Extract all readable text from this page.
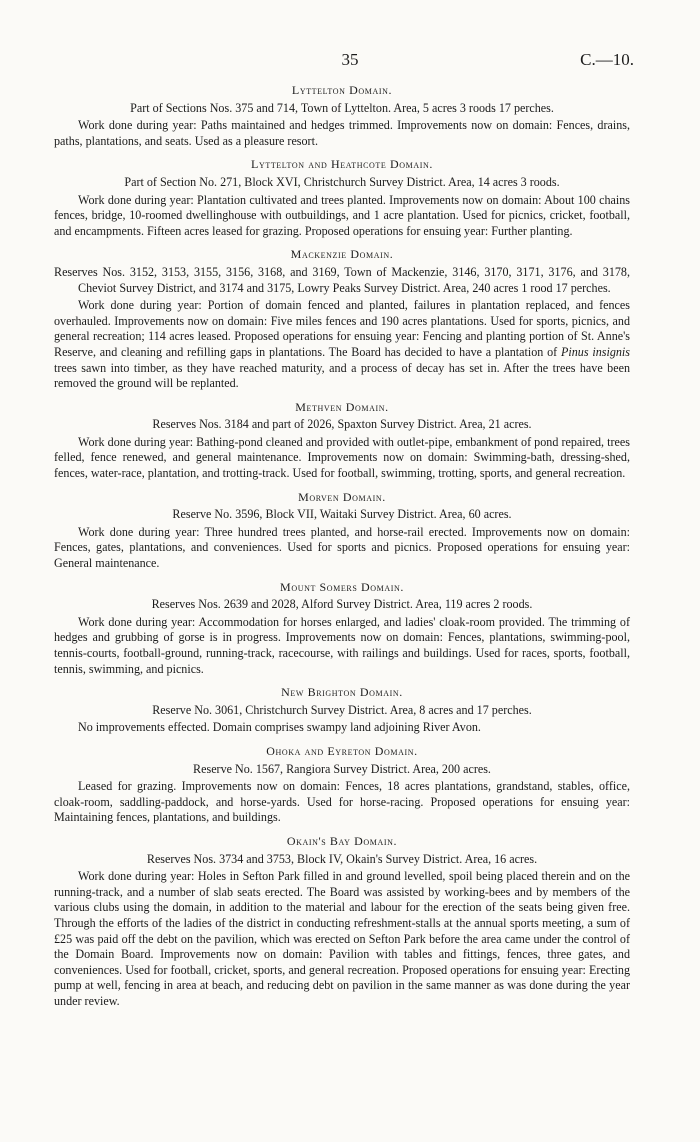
35	C.—10.
Lyttelton Domain.

Part of Sections Nos. 375 and 714, Town of Lyttelton. Area, 5 acres 3 roods 17 perches.

Work done during year: Paths maintained and hedges trimmed. Improvements now on domain: Fences, drains, paths, plantations, and seats. Used as a pleasure resort.

Lyttelton and Heathcote Domain.

Part of Section No. 271, Block XVI, Christchurch Survey District. Area, 14 acres 3 roods.

Work done during year: Plantation cultivated and trees planted. Improvements now on domain: About 100 chains fences, bridge, 10-roomed dwellinghouse with outbuildings, and 1 acre plantation. Used for picnics, cricket, football, and encampments. Fifteen acres leased for grazing. Proposed operations for ensuing year: Further planting.

Mackenzie Domain.

Reserves Nos. 3152, 3153, 3155, 3156, 3168, and 3169, Town of Mackenzie, 3146, 3170, 3171, 3176, and 3178, Cheviot Survey District, and 3174 and 3175, Lowry Peaks Survey District. Area, 240 acres 1 rood 17 perches.

Work done during year: Portion of domain fenced and planted, failures in plantation replaced, and fences overhauled. Improvements now on domain: Five miles fences and 190 acres plantations. Used for sports, picnics, and general recreation; 114 acres leased. Proposed operations for ensuing year: Fencing and planting portion of St. Anne's Reserve, and cleaning and refilling gaps in plantations. The Board has decided to have a plantation of Pinus insignis trees sawn into timber, as they have reached maturity, and a process of decay has set in. After the trees have been removed the ground will be replanted.

Methven Domain.

Reserves Nos. 3184 and part of 2026, Spaxton Survey District. Area, 21 acres.

Work done during year: Bathing-pond cleaned and provided with outlet-pipe, embankment of pond repaired, trees felled, fence renewed, and general maintenance. Improvements now on domain: Swimming-bath, dressing-shed, fences, water-race, plantation, and trotting-track. Used for football, swimming, trotting, sports, and general recreation.

Morven Domain.

Reserve No. 3596, Block VII, Waitaki Survey District. Area, 60 acres.

Work done during year: Three hundred trees planted, and horse-rail erected. Improvements now on domain: Fences, gates, plantations, and conveniences. Used for sports and picnics. Proposed operations for ensuing year: General maintenance.

Mount Somers Domain.

Reserves Nos. 2639 and 2028, Alford Survey District. Area, 119 acres 2 roods.

Work done during year: Accommodation for horses enlarged, and ladies' cloak-room provided. The trimming of hedges and grubbing of gorse is in progress. Improvements now on domain: Fences, plantations, swimming-pool, tennis-courts, football-ground, running-track, racecourse, with railings and buildings. Used for races, sports, football, tennis, swimming, and picnics.

New Brighton Domain.

Reserve No. 3061, Christchurch Survey District. Area, 8 acres and 17 perches.

No improvements effected. Domain comprises swampy land adjoining River Avon.

Ohoka and Eyreton Domain.

Reserve No. 1567, Rangiora Survey District. Area, 200 acres.

Leased for grazing. Improvements now on domain: Fences, 18 acres plantations, grandstand, stables, office, cloak-room, saddling-paddock, and horse-yards. Used for horse-racing. Proposed operations for ensuing year: Maintaining fences, plantations, and buildings.

Okain's Bay Domain.

Reserves Nos. 3734 and 3753, Block IV, Okain's Survey District. Area, 16 acres.

Work done during year: Holes in Sefton Park filled in and ground levelled, spoil being placed therein and on the running-track, and a number of slab seats erected. The Board was assisted by working-bees and by members of the various clubs using the domain, in addition to the material and labour for the erection of the seats being given free. Through the efforts of the ladies of the district in conducting refreshment-stalls at the annual sports meeting, a sum of £25 was paid off the debt on the pavilion, which was erected on Sefton Park before the area came under the control of the Domain Board. Improvements now on domain: Pavilion with tables and fittings, fences, three gates, and conveniences. Used for football, cricket, sports, and general recreation. Proposed operations for ensuing year: Erecting pump at well, fencing in area at beach, and reducing debt on pavilion in the same manner as was done during the year under review.
